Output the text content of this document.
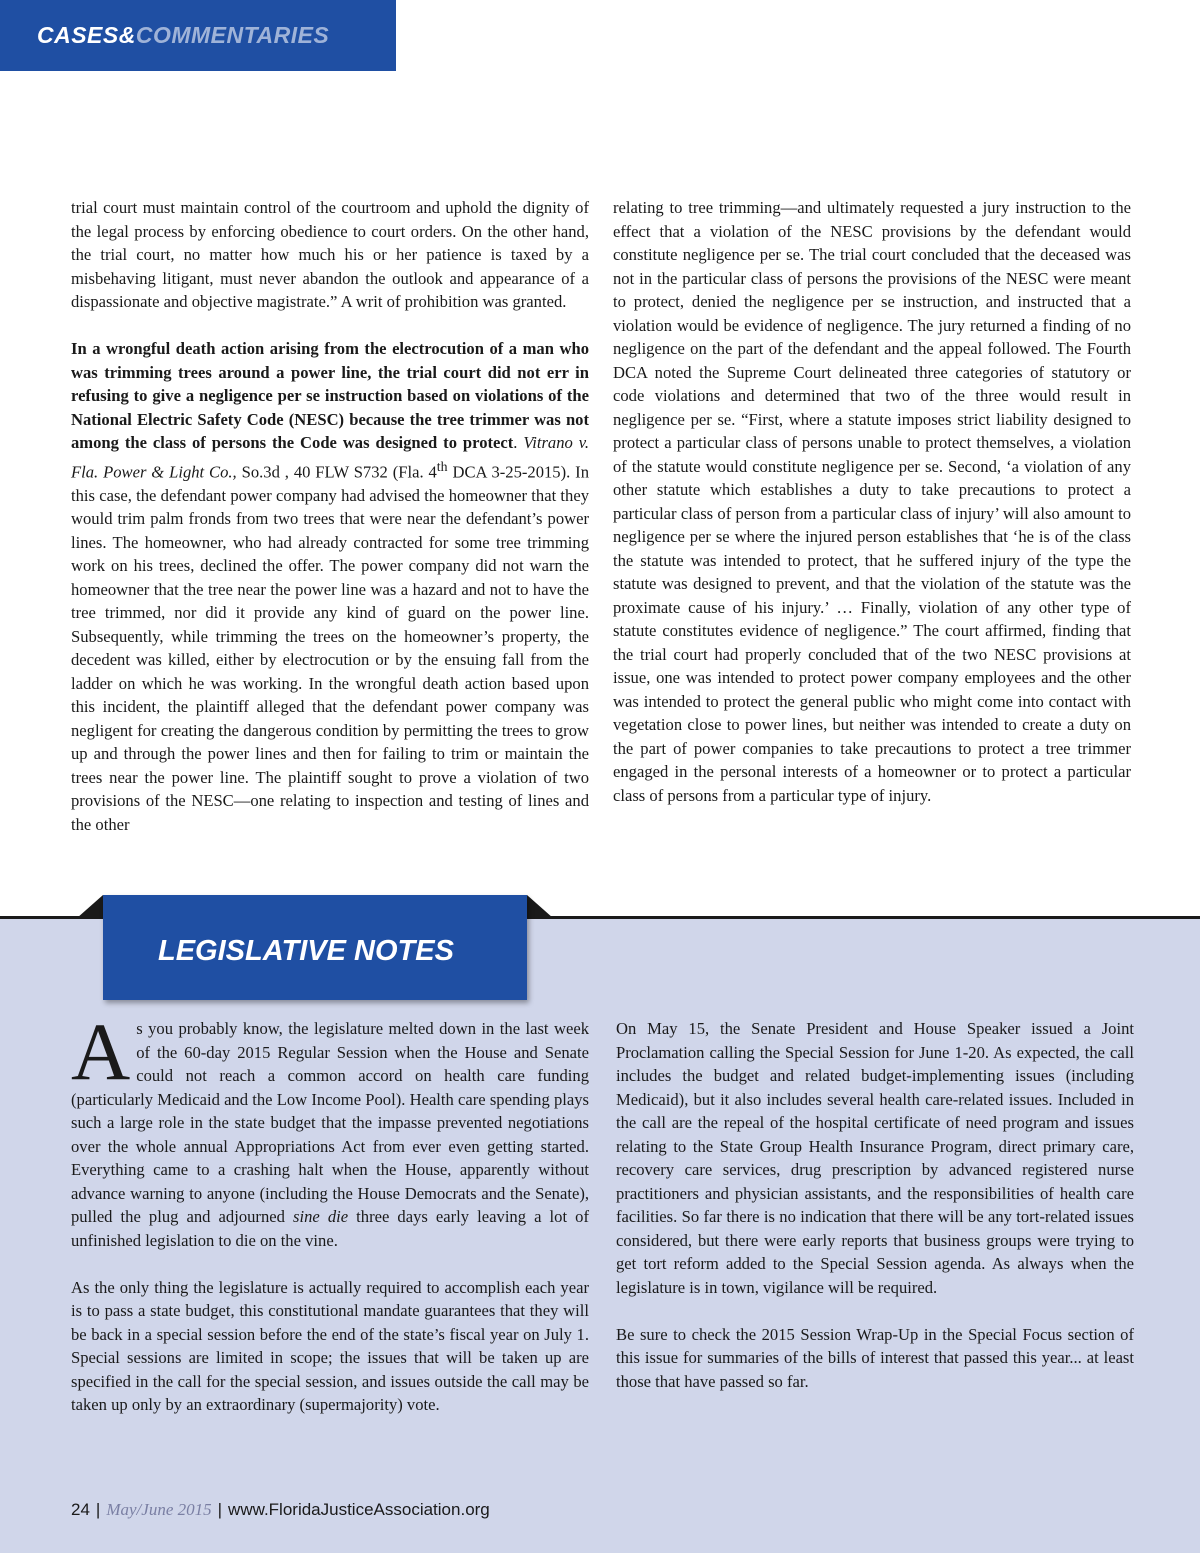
CASES&COMMENTARIES

trial court must maintain control of the courtroom and uphold the dignity of the legal process by enforcing obedience to court orders. On the other hand, the trial court, no matter how much his or her patience is taxed by a misbehaving litigant, must never abandon the outlook and appearance of a dispassionate and objective magistrate.” A writ of prohibition was granted.

In a wrongful death action arising from the electrocution of a man who was trimming trees around a power line, the trial court did not err in refusing to give a negligence per se instruction based on violations of the National Electric Safety Code (NESC) because the tree trimmer was not among the class of persons the Code was designed to protect. Vitrano v. Fla. Power & Light Co., So.3d , 40 FLW S732 (Fla. 4th DCA 3-25-2015). In this case, the defendant power company had advised the homeowner that they would trim palm fronds from two trees that were near the defendant’s power lines. The homeowner, who had already contracted for some tree trimming work on his trees, declined the offer. The power company did not warn the homeowner that the tree near the power line was a hazard and not to have the tree trimmed, nor did it provide any kind of guard on the power line. Subsequently, while trimming the trees on the homeowner’s property, the decedent was killed, either by electrocution or by the ensuing fall from the ladder on which he was working. In the wrongful death action based upon this incident, the plaintiff alleged that the defendant power company was negligent for creating the dangerous condition by permitting the trees to grow up and through the power lines and then for failing to trim or maintain the trees near the power line. The plaintiff sought to prove a violation of two provisions of the NESC—one relating to inspection and testing of lines and the other

relating to tree trimming—and ultimately requested a jury instruction to the effect that a violation of the NESC provisions by the defendant would constitute negligence per se. The trial court concluded that the deceased was not in the particular class of persons the provisions of the NESC were meant to protect, denied the negligence per se instruction, and instructed that a violation would be evidence of negligence. The jury returned a finding of no negligence on the part of the defendant and the appeal followed. The Fourth DCA noted the Supreme Court delineated three categories of statutory or code violations and determined that two of the three would result in negligence per se. “First, where a statute imposes strict liability designed to protect a particular class of persons unable to protect themselves, a violation of the statute would constitute negligence per se. Second, ‘a violation of any other statute which establishes a duty to take precautions to protect a particular class of person from a particular class of injury’ will also amount to negligence per se where the injured person establishes that ‘he is of the class the statute was intended to protect, that he suffered injury of the type the statute was designed to prevent, and that the violation of the statute was the proximate cause of his injury.’ … Finally, violation of any other type of statute constitutes evidence of negligence.” The court affirmed, finding that the trial court had properly concluded that of the two NESC provisions at issue, one was intended to protect power company employees and the other was intended to protect the general public who might come into contact with vegetation close to power lines, but neither was intended to create a duty on the part of power companies to take precautions to protect a tree trimmer engaged in the personal interests of a homeowner or to protect a particular class of persons from a particular type of injury.

LEGISLATIVE NOTES

As you probably know, the legislature melted down in the last week of the 60-day 2015 Regular Session when the House and Senate could not reach a common accord on health care funding (particularly Medicaid and the Low Income Pool). Health care spending plays such a large role in the state budget that the impasse prevented negotiations over the whole annual Appropriations Act from ever even getting started. Everything came to a crashing halt when the House, apparently without advance warning to anyone (including the House Democrats and the Senate), pulled the plug and adjourned sine die three days early leaving a lot of unfinished legislation to die on the vine.

As the only thing the legislature is actually required to accomplish each year is to pass a state budget, this constitutional mandate guarantees that they will be back in a special session before the end of the state’s fiscal year on July 1. Special sessions are limited in scope; the issues that will be taken up are specified in the call for the special session, and issues outside the call may be taken up only by an extraordinary (supermajority) vote.

On May 15, the Senate President and House Speaker issued a Joint Proclamation calling the Special Session for June 1-20. As expected, the call includes the budget and related budget-implementing issues (including Medicaid), but it also includes several health care-related issues. Included in the call are the repeal of the hospital certificate of need program and issues relating to the State Group Health Insurance Program, direct primary care, recovery care services, drug prescription by advanced registered nurse practitioners and physician assistants, and the responsibilities of health care facilities. So far there is no indication that there will be any tort-related issues considered, but there were early reports that business groups were trying to get tort reform added to the Special Session agenda. As always when the legislature is in town, vigilance will be required.

Be sure to check the 2015 Session Wrap-Up in the Special Focus section of this issue for summaries of the bills of interest that passed this year... at least those that have passed so far.

24 | May/June 2015 | www.FloridaJusticeAssociation.org
